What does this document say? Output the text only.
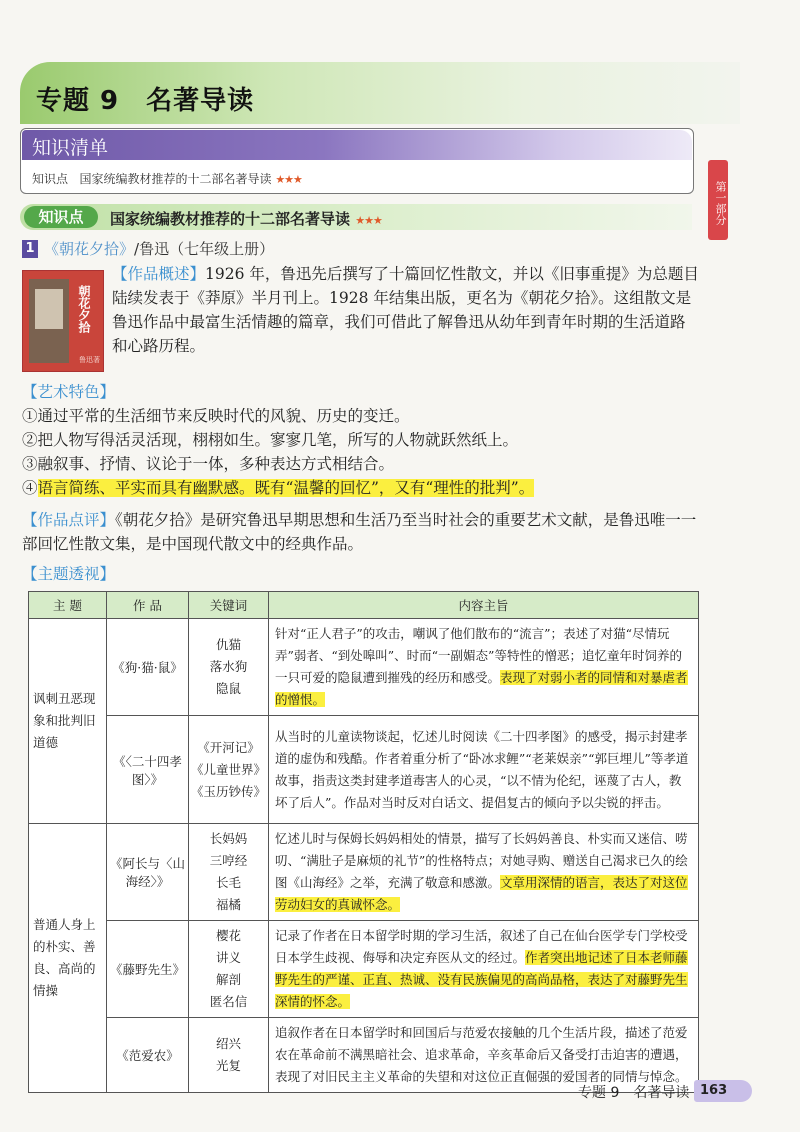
专题 9　名著导读
知识清单
知识点 国家统编教材推荐的十二部名著导读 ★★★
第一部分
知识点	国家统编教材推荐的十二部名著导读 ★★★
1 《朝花夕拾》/鲁迅（七年级上册）
朝花夕拾
鲁迅著
【作品概述】1926 年，鲁迅先后撰写了十篇回忆性散文，并以《旧事重提》为总题目陆续发表于《莽原》半月刊上。1928 年结集出版，更名为《朝花夕拾》。这组散文是鲁迅作品中最富生活情趣的篇章，我们可借此了解鲁迅从幼年到青年时期的生活道路和心路历程。
【艺术特色】
①通过平常的生活细节来反映时代的风貌、历史的变迁。
②把人物写得活灵活现，栩栩如生。寥寥几笔，所写的人物就跃然纸上。
③融叙事、抒情、议论于一体，多种表达方式相结合。
④语言简练、平实而具有幽默感。既有“温馨的回忆”，又有“理性的批判”。
【作品点评】《朝花夕拾》是研究鲁迅早期思想和生活乃至当时社会的重要艺术文献，是鲁迅唯一一部回忆性散文集，是中国现代散文中的经典作品。
【主题透视】
主 题	作 品	关键词	内容主旨
讽刺丑恶现象和批判旧道德	《狗·猫·鼠》	仇猫
落水狗
隐鼠	针对“正人君子”的攻击，嘲讽了他们散布的“流言”；表述了对猫“尽情玩弄”弱者、“到处嗥叫”、时而“一副媚态”等特性的憎恶；追忆童年时饲养的一只可爱的隐鼠遭到摧残的经历和感受。表现了对弱小者的同情和对暴虐者的憎恨。
	《〈二十四孝图〉》	《开河记》
《儿童世界》
《玉历钞传》	从当时的儿童读物谈起，忆述儿时阅读《二十四孝图》的感受，揭示封建孝道的虚伪和残酷。作者着重分析了“卧冰求鲤”“老莱娱亲”“郭巨埋儿”等孝道故事，指责这类封建孝道毒害人的心灵，“以不情为伦纪，诬蔑了古人，教坏了后人”。作品对当时反对白话文、提倡复古的倾向予以尖锐的抨击。
普通人身上的朴实、善良、高尚的情操	《阿长与〈山海经〉》	长妈妈
三哼经
长毛
福橘	忆述儿时与保姆长妈妈相处的情景，描写了长妈妈善良、朴实而又迷信、唠叨、“满肚子是麻烦的礼节”的性格特点；对她寻购、赠送自己渴求已久的绘图《山海经》之举，充满了敬意和感激。文章用深情的语言，表达了对这位劳动妇女的真诚怀念。
	《藤野先生》	樱花
讲义
解剖
匿名信	记录了作者在日本留学时期的学习生活，叙述了自己在仙台医学专门学校受日本学生歧视、侮辱和决定弃医从文的经过。作者突出地记述了日本老师藤野先生的严谨、正直、热诚、没有民族偏见的高尚品格，表达了对藤野先生深情的怀念。
	《范爱农》	绍兴
光复	追叙作者在日本留学时和回国后与范爱农接触的几个生活片段，描述了范爱农在革命前不满黑暗社会、追求革命，辛亥革命后又备受打击迫害的遭遇，表现了对旧民主主义革命的失望和对这位正直倔强的爱国者的同情与悼念。
专题 9　名著导读 163
